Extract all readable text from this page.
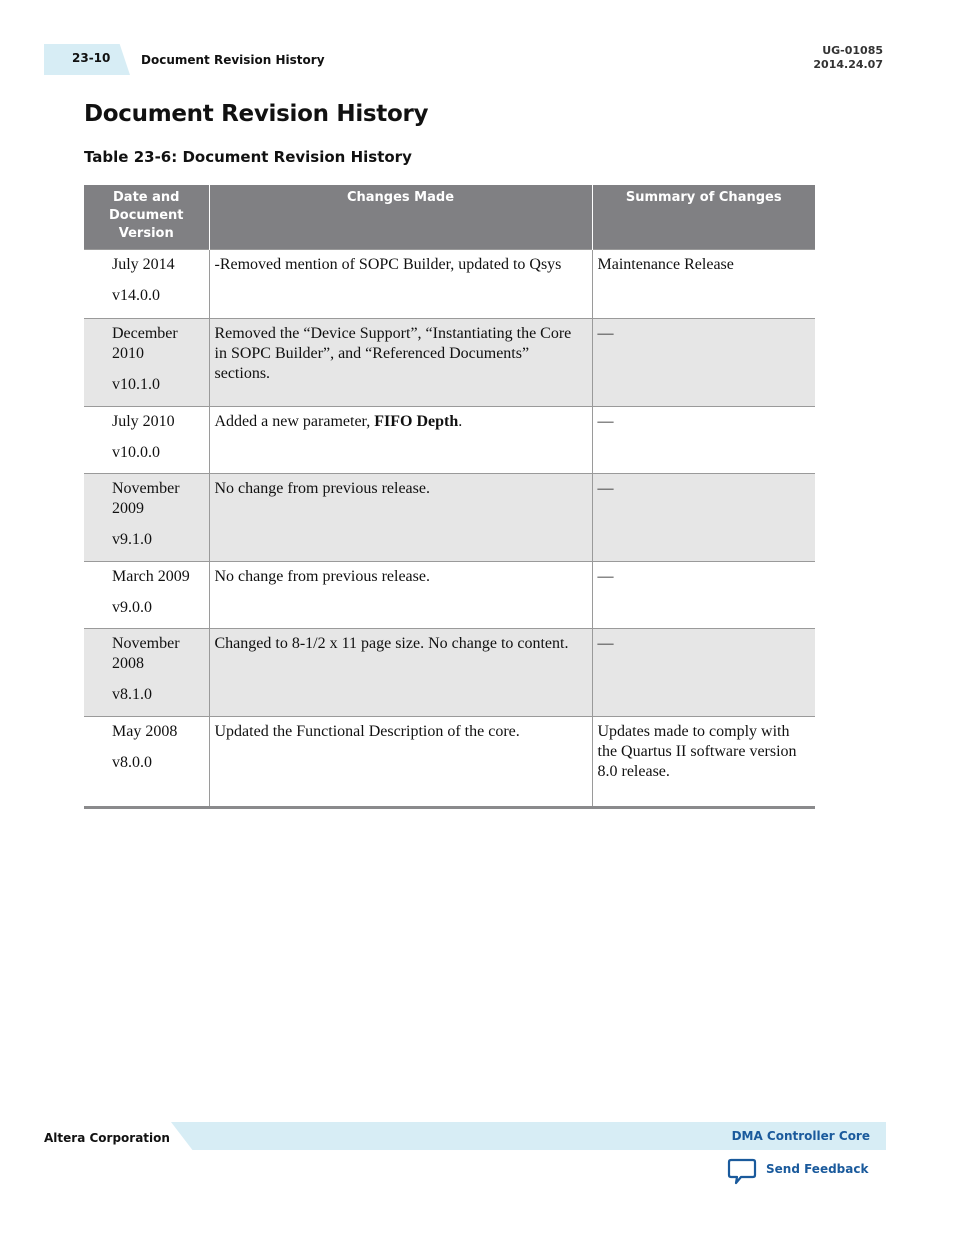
23-10	Document Revision History
UG-01085
2014.24.07
Document Revision History
Table 23-6: Document Revision History
Date and Document Version	Changes Made	Summary of Changes

July 2014
v14.0.0	-Removed mention of SOPC Builder, updated to Qsys	Maintenance Release

December 2010
v10.1.0	Removed the “Device Support”, “Instantiating the Core in SOPC Builder”, and “Referenced Documents” sections.	—

July 2010
v10.0.0	Added a new parameter, FIFO Depth.	—

November 2009
v9.1.0	No change from previous release.	—

March 2009
v9.0.0	No change from previous release.	—

November 2008
v8.1.0	Changed to 8-1/2 x 11 page size. No change to content.	—

May 2008
v8.0.0	Updated the Functional Description of the core.	Updates made to comply with the Quartus II software version 8.0 release.
Altera Corporation	DMA Controller Core
Send Feedback
